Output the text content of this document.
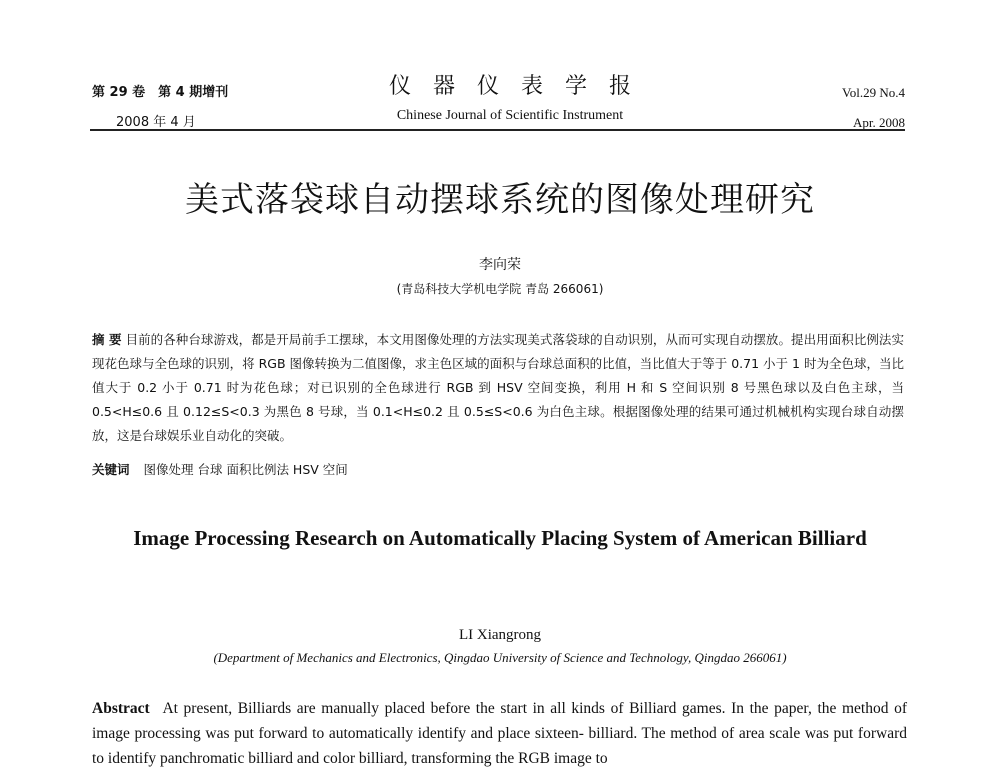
第 29 卷　第 4 期增刊
2008 年 4 月
仪器仪表学报
Chinese Journal of Scientific Instrument
Vol.29 No.4
Apr. 2008
美式落袋球自动摆球系统的图像处理研究
李向荣
(青岛科技大学机电学院 青岛 266061)
摘 要 目前的各种台球游戏，都是开局前手工摆球，本文用图像处理的方法实现美式落袋球的自动识别，从而可实现自动摆放。提出用面积比例法实现花色球与全色球的识别，将 RGB 图像转换为二值图像，求主色区域的面积与台球总面积的比值，当比值大于等于 0.71 小于 1 时为全色球，当比值大于 0.2 小于 0.71 时为花色球；对已识别的全色球进行 RGB 到 HSV 空间变换，利用 H 和 S 空间识别 8 号黑色球以及白色主球，当 0.5<H≤0.6 且 0.12≤S<0.3 为黑色 8 号球，当 0.1<H≤0.2 且 0.5≤S<0.6 为白色主球。根据图像处理的结果可通过机械机构实现台球自动摆放，这是台球娱乐业自动化的突破。
关键词 图像处理 台球 面积比例法 HSV 空间
Image Processing Research on Automatically Placing System of American Billiard
LI Xiangrong
(Department of Mechanics and Electronics, Qingdao University of Science and Technology, Qingdao 266061)
Abstract At present, Billiards are manually placed before the start in all kinds of Billiard games. In the paper, the method of image processing was put forward to automatically identify and place sixteen- billiard. The method of area scale was put forward to identify panchromatic billiard and color billiard, transforming the RGB image to
